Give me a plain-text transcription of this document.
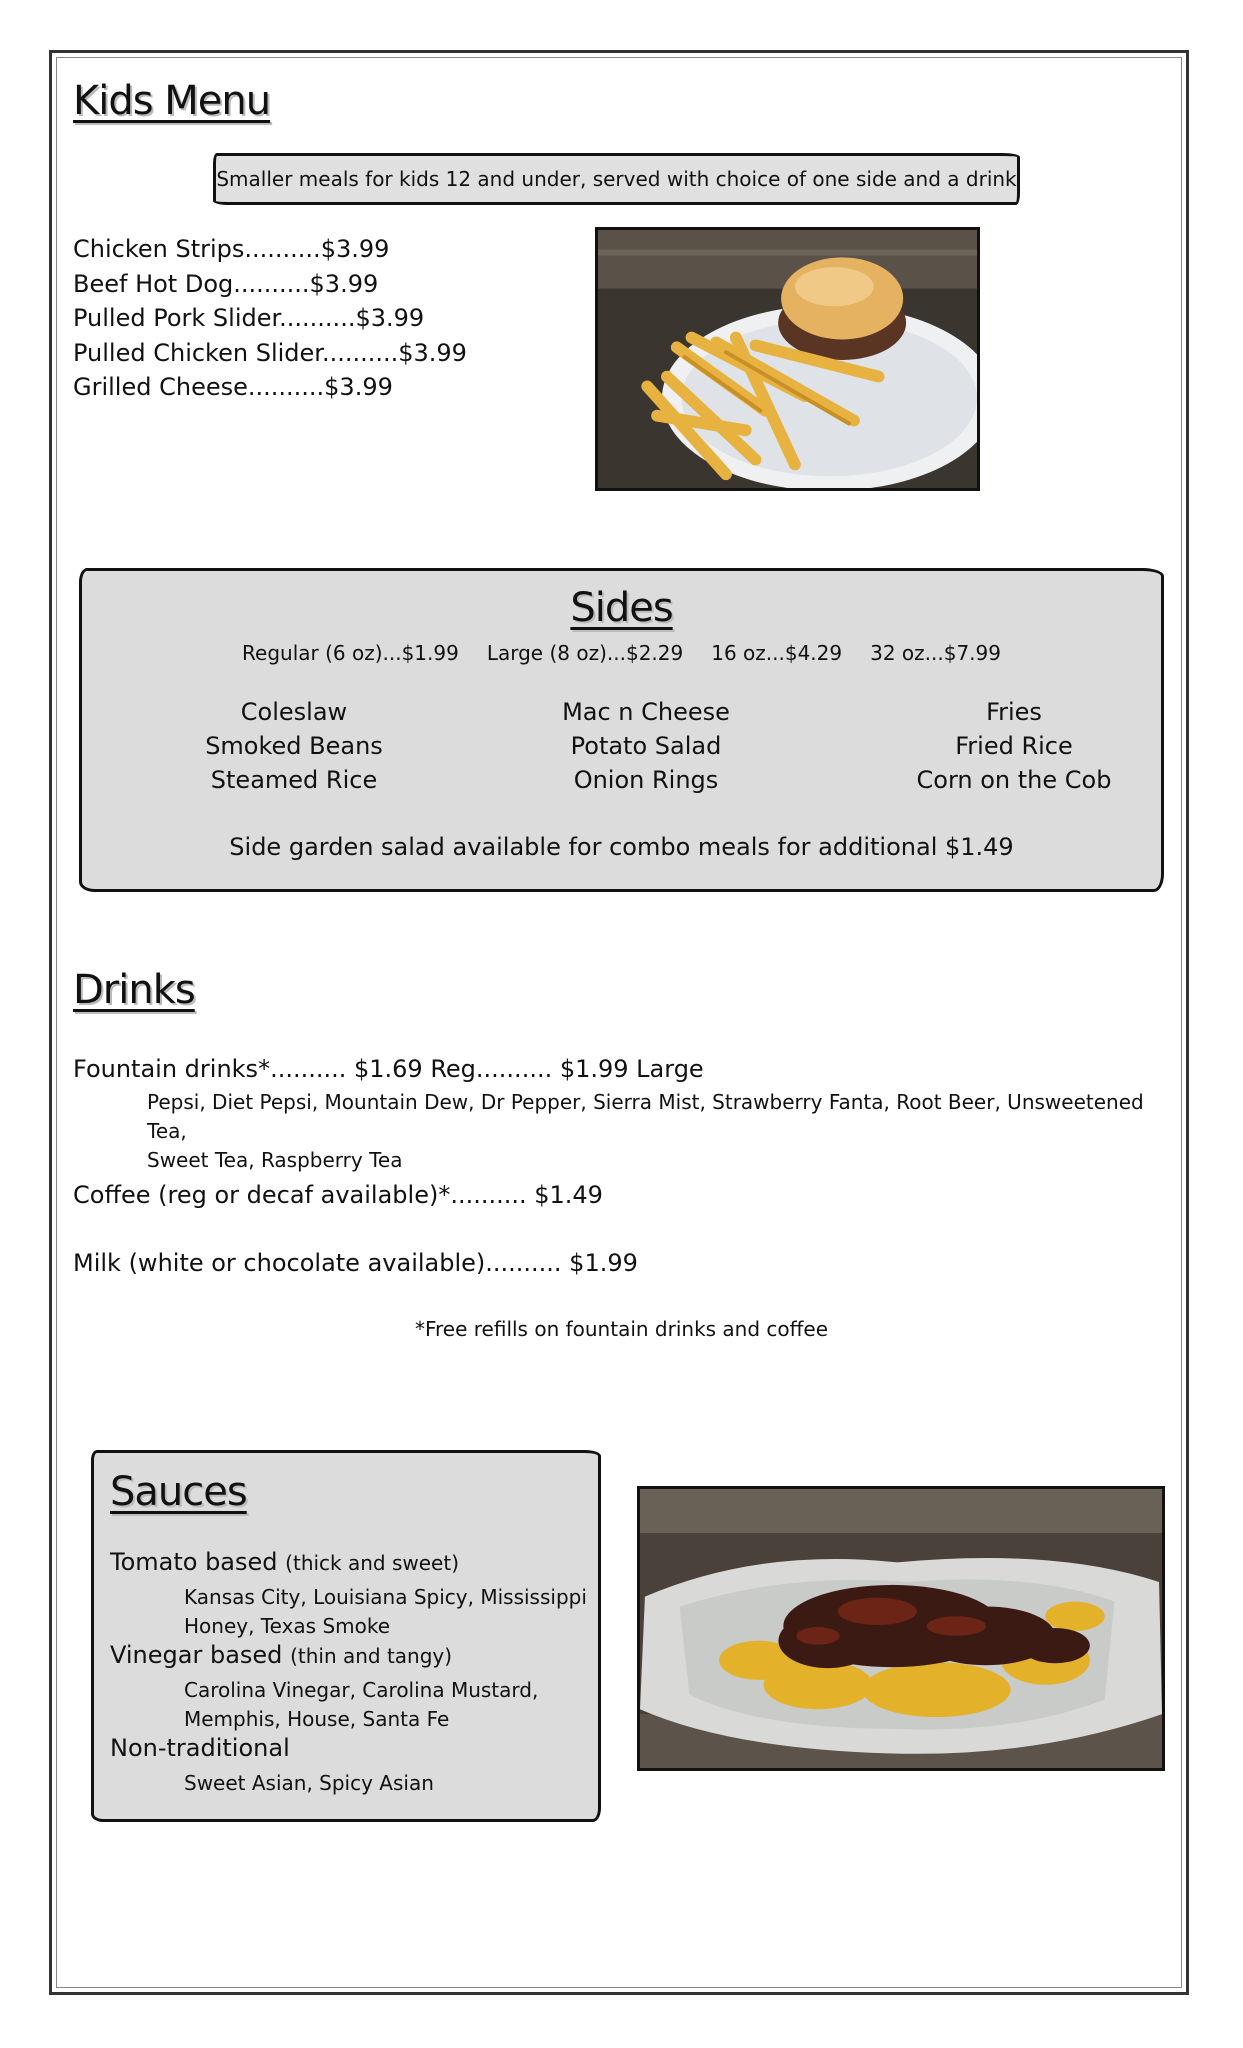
Kids Menu
Smaller meals for kids 12 and under, served with choice of one side and a drink
Chicken Strips..........$3.99
Beef Hot Dog..........$3.99
Pulled Pork Slider..........$3.99
Pulled Chicken Slider..........$3.99
Grilled Cheese..........$3.99
Sides
Regular (6 oz)...$1.99 Large (8 oz)...$2.29 16 oz...$4.29 32 oz...$7.99
Coleslaw
Smoked Beans
Steamed Rice
Mac n Cheese
Potato Salad
Onion Rings
Fries
Fried Rice
Corn on the Cob
Side garden salad available for combo meals for additional $1.49
Drinks
Fountain drinks*.......... $1.69 Reg.......... $1.99 Large
Pepsi, Diet Pepsi, Mountain Dew, Dr Pepper, Sierra Mist, Strawberry Fanta, Root Beer, Unsweetened Tea,
Sweet Tea, Raspberry Tea
Coffee (reg or decaf available)*.......... $1.49
Milk (white or chocolate available).......... $1.99
*Free refills on fountain drinks and coffee
Sauces
Tomato based (thick and sweet)
Kansas City, Louisiana Spicy, Mississippi
Honey, Texas Smoke
Vinegar based (thin and tangy)
Carolina Vinegar, Carolina Mustard,
Memphis, House, Santa Fe
Non-traditional
Sweet Asian, Spicy Asian
